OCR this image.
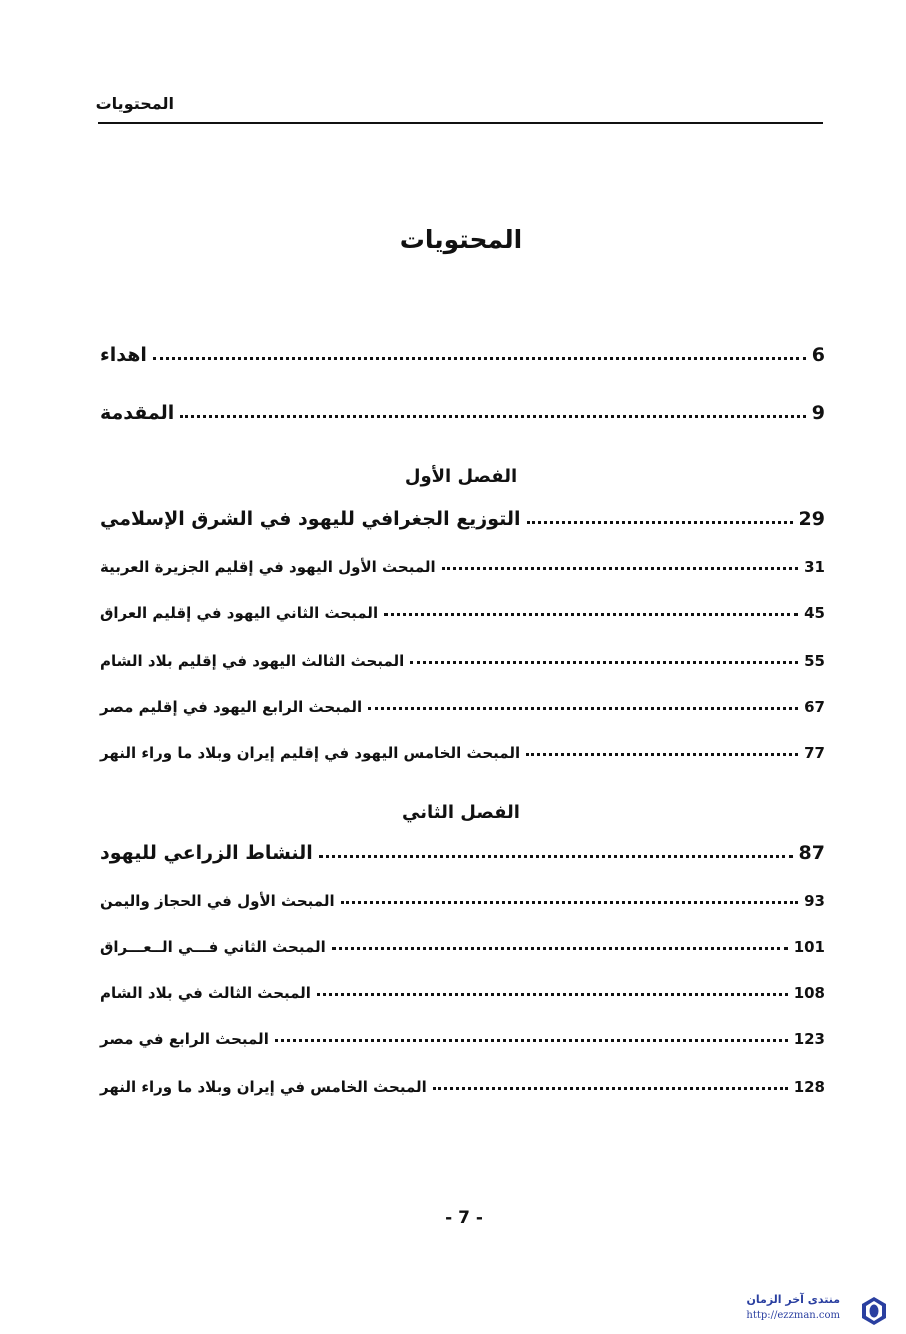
المحتويات
المحتويات
اهداء	6
المقدمة	9
الفصل الأول
التوزيع الجغرافي لليهود في الشرق الإسلامي	29
المبحث الأول اليهود في إقليم الجزيرة العربية	31
المبحث الثاني اليهود في إقليم العراق	45
المبحث الثالث اليهود في إقليم بلاد الشام	55
المبحث الرابع اليهود في إقليم مصر	67
المبحث الخامس اليهود في إقليم إيران وبلاد ما وراء النهر	77
الفصل الثاني
النشاط الزراعي لليهود	87
المبحث الأول في الحجاز واليمن	93
المبحث الثاني فـــي الــعـــراق	101
المبحث الثالث في بلاد الشام	108
المبحث الرابع في مصر	123
المبحث الخامس في إيران وبلاد ما وراء النهر	128
- 7 -
منتدى آخر الزمان
http://ezzman.com
